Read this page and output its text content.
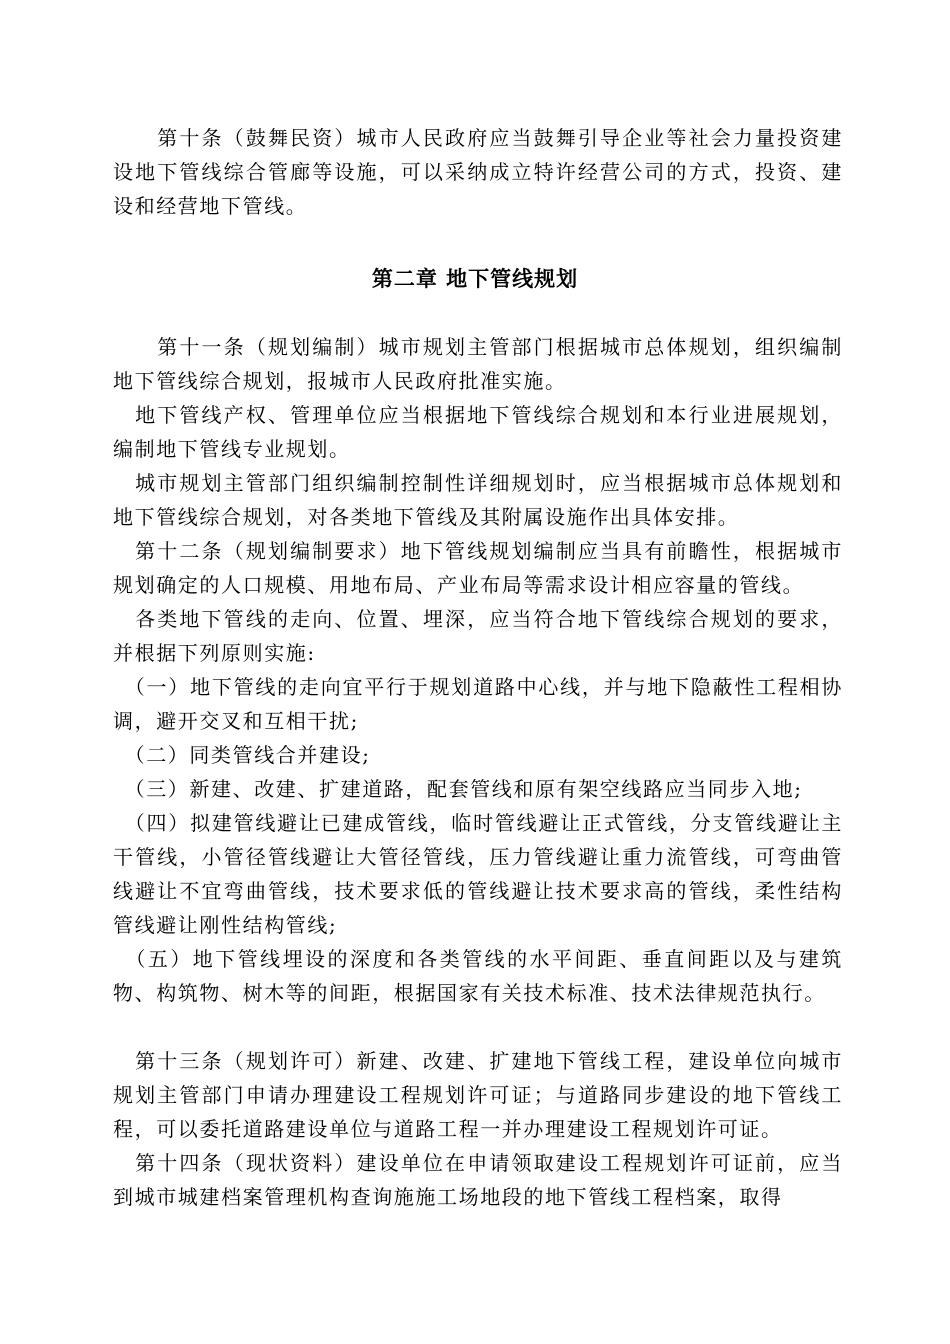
　　第十条（鼓舞民资）城市人民政府应当鼓舞引导企业等社会力量投资建设地下管线综合管廊等设施，可以采纳成立特许经营公司的方式，投资、建设和经营地下管线。

第二章 地下管线规划

　　第十一条（规划编制）城市规划主管部门根据城市总体规划，组织编制地下管线综合规划，报城市人民政府批准实施。

　地下管线产权、管理单位应当根据地下管线综合规划和本行业进展规划，编制地下管线专业规划。

　城市规划主管部门组织编制控制性详细规划时，应当根据城市总体规划和地下管线综合规划，对各类地下管线及其附属设施作出具体安排。

　第十二条（规划编制要求）地下管线规划编制应当具有前瞻性，根据城市规划确定的人口规模、用地布局、产业布局等需求设计相应容量的管线。

　各类地下管线的走向、位置、埋深，应当符合地下管线综合规划的要求，并根据下列原则实施:

　（一）地下管线的走向宜平行于规划道路中心线，并与地下隐蔽性工程相协调，避开交叉和互相干扰;

　（二）同类管线合并建设;

　（三）新建、改建、扩建道路，配套管线和原有架空线路应当同步入地;

　（四）拟建管线避让已建成管线，临时管线避让正式管线，分支管线避让主干管线，小管径管线避让大管径管线，压力管线避让重力流管线，可弯曲管线避让不宜弯曲管线，技术要求低的管线避让技术要求高的管线，柔性结构管线避让刚性结构管线;

　（五）地下管线埋设的深度和各类管线的水平间距、垂直间距以及与建筑物、构筑物、树木等的间距，根据国家有关技术标准、技术法律规范执行。

　第十三条（规划许可）新建、改建、扩建地下管线工程，建设单位向城市规划主管部门申请办理建设工程规划许可证；与道路同步建设的地下管线工程，可以委托道路建设单位与道路工程一并办理建设工程规划许可证。

　第十四条（现状资料）建设单位在申请领取建设工程规划许可证前，应当到城市城建档案管理机构查询施施工场地段的地下管线工程档案，取得
